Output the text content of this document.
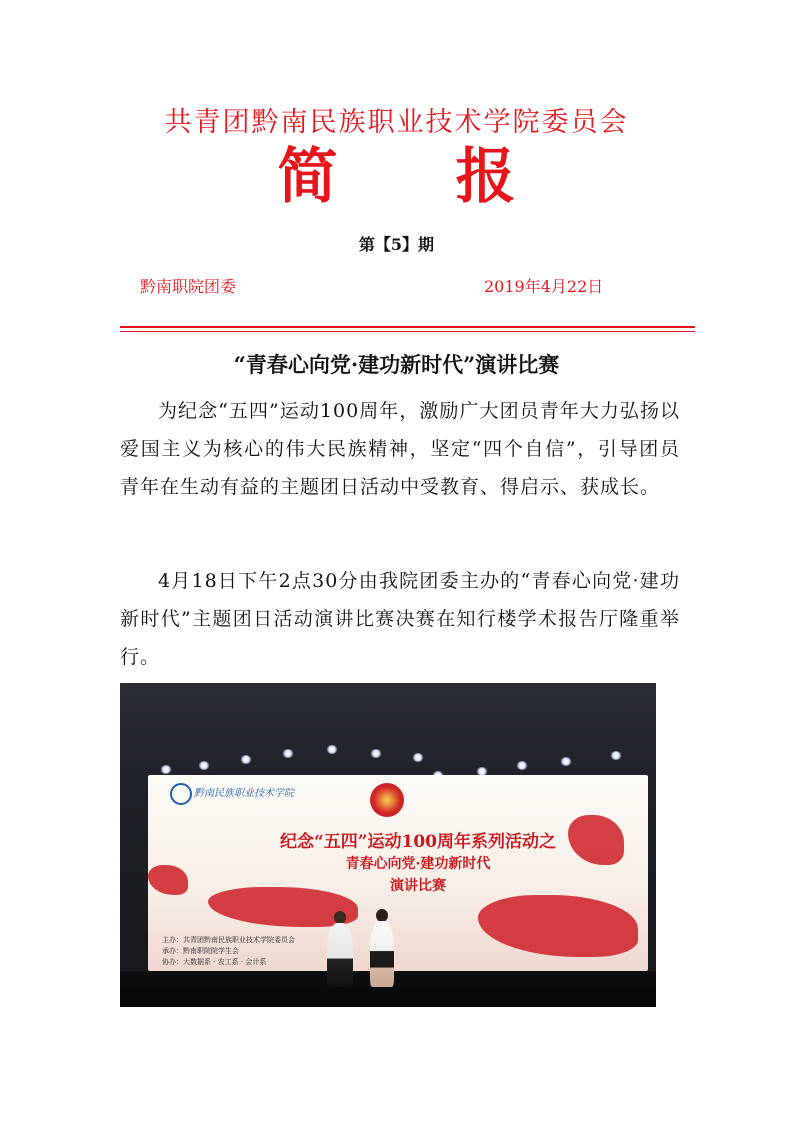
共青团黔南民族职业技术学院委员会
简报
第【5】期
黔南职院团委	2019年4月22日
“青春心向党·建功新时代”演讲比赛

为纪念“五四”运动100周年，激励广大团员青年大力弘扬以爱国主义为核心的伟大民族精神，坚定“四个自信”，引导团员青年在生动有益的主题团日活动中受教育、得启示、获成长。

4月18日下午2点30分由我院团委主办的“青春心向党·建功新时代”主题团日活动演讲比赛决赛在知行楼学术报告厅隆重举行。

黔南民族职业技术学院
纪念“五四”运动100周年系列活动之
青春心向党·建功新时代
演讲比赛
主办：共青团黔南民族职业技术学院委员会
承办：黔南职院院学生会
协办：大数据系 · 农工系 · 会计系
